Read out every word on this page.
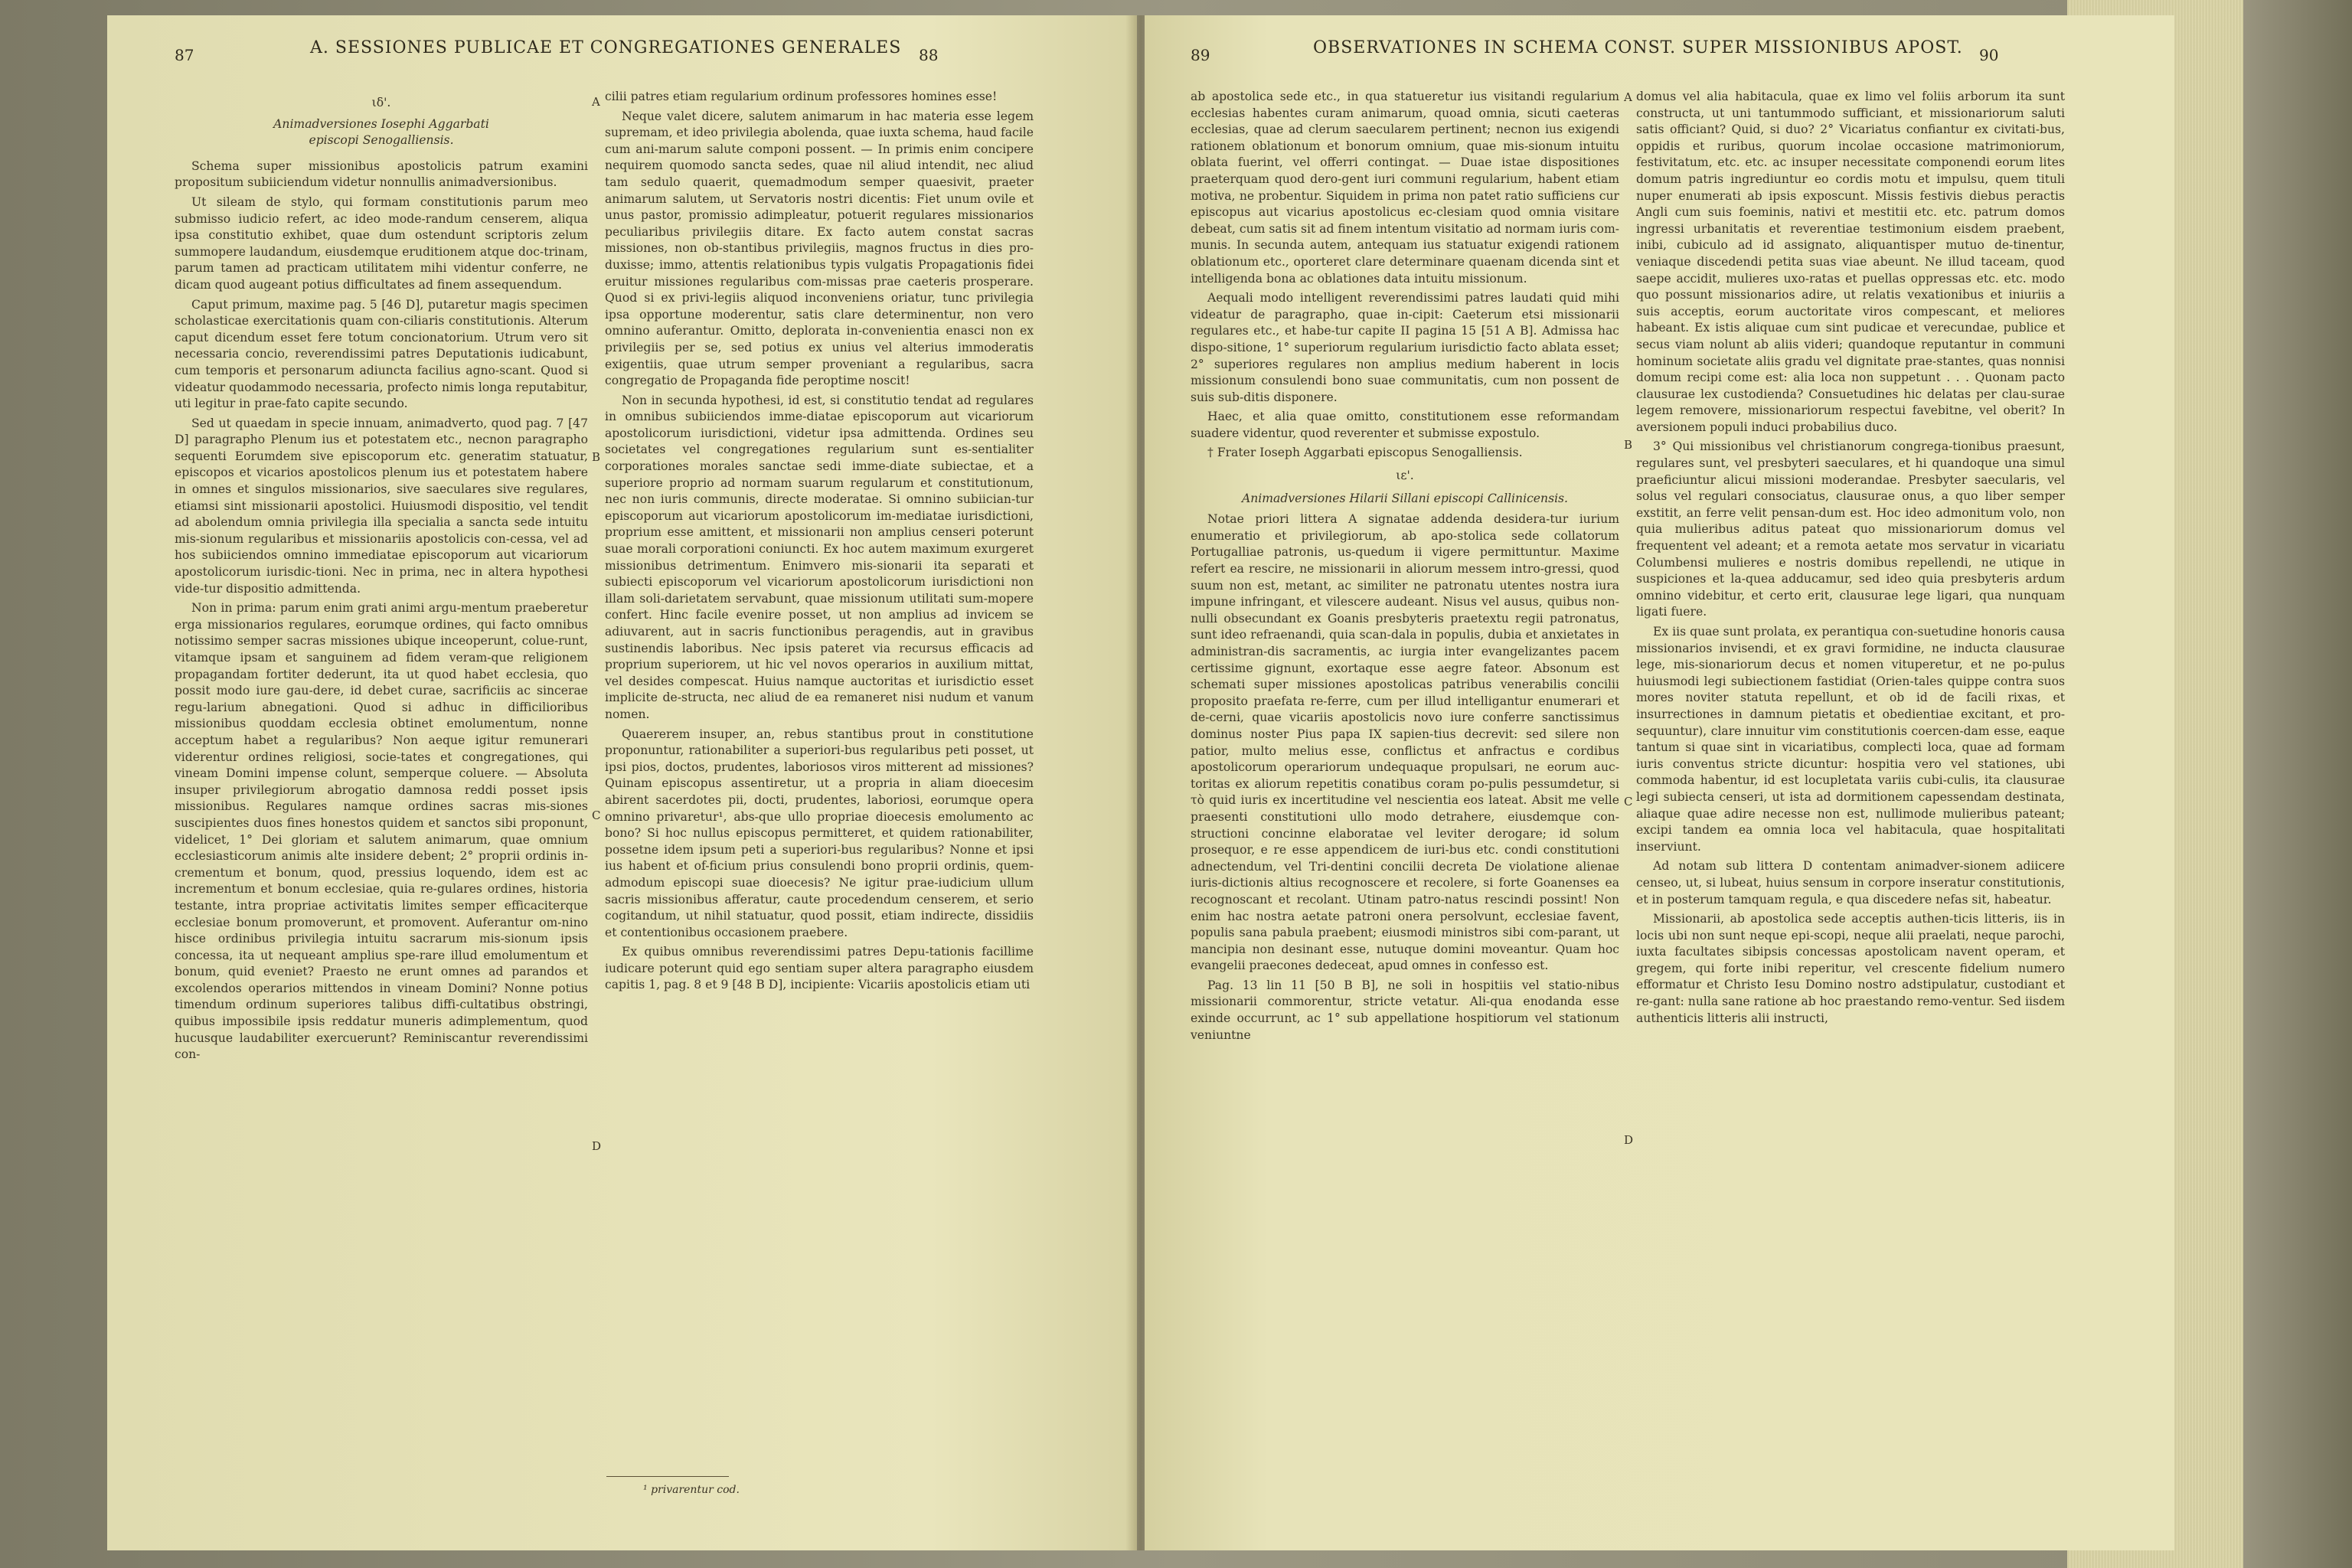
87	A. SESSIONES PUBLICAE ET CONGREGATIONES GENERALES 88

ιδ'.

Animadversiones Iosephi Aggarbati

episcopi Senogalliensis.

Schema super missionibus apostolicis patrum examini propositum subiiciendum videtur nonnullis animadversionibus.

Ut sileam de stylo, qui formam constitutionis parum meo submisso iudicio refert, ac ideo mode-randum censerem, aliqua ipsa constitutio exhibet, quae dum ostendunt scriptoris zelum summopere laudandum, eiusdemque eruditionem atque doc-trinam, parum tamen ad practicam utilitatem mihi videntur conferre, ne dicam quod augeant potius difficultates ad finem assequendum.

Caput primum, maxime pag. 5 [46 D], putaretur magis specimen scholasticae exercitationis quam con-ciliaris constitutionis. Alterum caput dicendum esset fere totum concionatorium. Utrum vero sit necessaria concio, reverendissimi patres Deputationis iudicabunt, cum temporis et personarum adiuncta facilius agno-scant. Quod si videatur quodammodo necessaria, profecto nimis longa reputabitur, uti legitur in prae-fato capite secundo.

Sed ut quaedam in specie innuam, animadverto, quod pag. 7 [47 D] paragrapho Plenum ius et potestatem etc., necnon paragrapho sequenti Eorumdem sive episcoporum etc. generatim statuatur, episcopos et vicarios apostolicos plenum ius et potestatem habere in omnes et singulos missionarios, sive saeculares sive regulares, etiamsi sint missionarii apostolici. Huiusmodi dispositio, vel tendit ad abolendum omnia privilegia illa specialia a sancta sede intuitu mis-sionum regularibus et missionariis apostolicis con-cessa, vel ad hos subiiciendos omnino immediatae episcoporum aut vicariorum apostolicorum iurisdic-tioni. Nec in prima, nec in altera hypothesi vide-tur dispositio admittenda.

Non in prima: parum enim grati animi argu-mentum praeberetur erga missionarios regulares, eorumque ordines, qui facto omnibus notissimo semper sacras missiones ubique inceoperunt, colue-runt, vitamque ipsam et sanguinem ad fidem veram-que religionem propagandam fortiter dederunt, ita ut quod habet ecclesia, quo possit modo iure gau-dere, id debet curae, sacrificiis ac sincerae regu-larium abnegationi. Quod si adhuc in difficilioribus missionibus quoddam ecclesia obtinet emolumentum, nonne acceptum habet a regularibus? Non aeque igitur remunerari viderentur ordines religiosi, socie-tates et congregationes, qui vineam Domini impense colunt, semperque coluere. — Absoluta insuper privilegiorum abrogatio damnosa reddi posset ipsis missionibus. Regulares namque ordines sacras mis-siones suscipientes duos fines honestos quidem et sanctos sibi proponunt, videlicet, 1° Dei gloriam et salutem animarum, quae omnium ecclesiasticorum animis alte insidere debent; 2° proprii ordinis in-crementum et bonum, quod, pressius loquendo, idem est ac incrementum et bonum ecclesiae, quia re-gulares ordines, historia testante, intra propriae activitatis limites semper efficaciterque ecclesiae bonum promoverunt, et promovent. Auferantur om-nino hisce ordinibus privilegia intuitu sacrarum mis-sionum ipsis concessa, ita ut nequeant amplius spe-rare illud emolumentum et bonum, quid eveniet? Praesto ne erunt omnes ad parandos et excolendos operarios mittendos in vineam Domini? Nonne potius timendum ordinum superiores talibus diffi-cultatibus obstringi, quibus impossibile ipsis reddatur muneris adimplementum, quod hucusque laudabiliter exercuerunt? Reminiscantur reverendissimi con-

cilii patres etiam regularium ordinum professores homines esse!

Neque valet dicere, salutem animarum in hac materia esse legem supremam, et ideo privilegia abolenda, quae iuxta schema, haud facile cum ani-marum salute componi possent. — In primis enim concipere nequirem quomodo sancta sedes, quae nil aliud intendit, nec aliud tam sedulo quaerit, quemadmodum semper quaesivit, praeter animarum salutem, ut Servatoris nostri dicentis: Fiet unum ovile et unus pastor, promissio adimpleatur, potuerit regulares missionarios peculiaribus privilegiis ditare. Ex facto autem constat sacras missiones, non ob-stantibus privilegiis, magnos fructus in dies pro-duxisse; immo, attentis relationibus typis vulgatis Propagationis fidei eruitur missiones regularibus com-missas prae caeteris prosperare. Quod si ex privi-legiis aliquod inconveniens oriatur, tunc privilegia ipsa opportune moderentur, satis clare determinentur, non vero omnino auferantur. Omitto, deplorata in-convenientia enasci non ex privilegiis per se, sed potius ex unius vel alterius immoderatis exigentiis, quae utrum semper proveniant a regularibus, sacra congregatio de Propaganda fide peroptime noscit!

Non in secunda hypothesi, id est, si constitutio tendat ad regulares in omnibus subiiciendos imme-diatae episcoporum aut vicariorum apostolicorum iurisdictioni, videtur ipsa admittenda. Ordines seu societates vel congregationes regularium sunt es-sentialiter corporationes morales sanctae sedi imme-diate subiectae, et a superiore proprio ad normam suarum regularum et constitutionum, nec non iuris communis, directe moderatae. Si omnino subiician-tur episcoporum aut vicariorum apostolicorum im-mediatae iurisdictioni, proprium esse amittent, et missionarii non amplius censeri poterunt suae morali corporationi coniuncti. Ex hoc autem maximum exurgeret missionibus detrimentum. Enimvero mis-sionarii ita separati et subiecti episcoporum vel vicariorum apostolicorum iurisdictioni non illam soli-darietatem servabunt, quae missionum utilitati sum-mopere confert. Hinc facile evenire posset, ut non amplius ad invicem se adiuvarent, aut in sacris functionibus peragendis, aut in gravibus sustinendis laboribus. Nec ipsis pateret via recursus efficacis ad proprium superiorem, ut hic vel novos operarios in auxilium mittat, vel desides compescat. Huius namque auctoritas et iurisdictio esset implicite de-structa, nec aliud de ea remaneret nisi nudum et vanum nomen.

Quaererem insuper, an, rebus stantibus prout in constitutione proponuntur, rationabiliter a superiori-bus regularibus peti posset, ut ipsi pios, doctos, prudentes, laboriosos viros mitterent ad missiones? Quinam episcopus assentiretur, ut a propria in aliam dioecesim abirent sacerdotes pii, docti, prudentes, laboriosi, eorumque opera omnino privaretur¹, abs-que ullo propriae dioecesis emolumento ac bono? Si hoc nullus episcopus permitteret, et quidem rationabiliter, possetne idem ipsum peti a superiori-bus regularibus? Nonne et ipsi ius habent et of-ficium prius consulendi bono proprii ordinis, quem-admodum episcopi suae dioecesis? Ne igitur prae-iudicium ullum sacris missionibus afferatur, caute procedendum censerem, et serio cogitandum, ut nihil statuatur, quod possit, etiam indirecte, dissidiis et contentionibus occasionem praebere.

Ex quibus omnibus reverendissimi patres Depu-tationis facillime iudicare poterunt quid ego sentiam super altera paragrapho eiusdem capitis 1, pag. 8 et 9 [48 B D], incipiente: Vicariis apostolicis etiam uti

A
B
C
D
¹ privarentur cod.
89	OBSERVATIONES IN SCHEMA CONST. SUPER MISSIONIBUS APOST. 90

ab apostolica sede etc., in qua statueretur ius visitandi regularium ecclesias habentes curam animarum, quoad omnia, sicuti caeteras ecclesias, quae ad clerum saecularem pertinent; necnon ius exigendi rationem oblationum et bonorum omnium, quae mis-sionum intuitu oblata fuerint, vel offerri contingat. — Duae istae dispositiones praeterquam quod dero-gent iuri communi regularium, habent etiam motiva, ne probentur. Siquidem in prima non patet ratio sufficiens cur episcopus aut vicarius apostolicus ec-clesiam quod omnia visitare debeat, cum satis sit ad finem intentum visitatio ad normam iuris com-munis. In secunda autem, antequam ius statuatur exigendi rationem oblationum etc., oporteret clare determinare quaenam dicenda sint et intelligenda bona ac oblationes data intuitu missionum.

Aequali modo intelligent reverendissimi patres laudati quid mihi videatur de paragrapho, quae in-cipit: Caeterum etsi missionarii regulares etc., et habe-tur capite II pagina 15 [51 A B]. Admissa hac dispo-sitione, 1° superiorum regularium iurisdictio facto ablata esset; 2° superiores regulares non amplius medium haberent in locis missionum consulendi bono suae communitatis, cum non possent de suis sub-ditis disponere.

Haec, et alia quae omitto, constitutionem esse reformandam suadere videntur, quod reverenter et submisse expostulo.

† Frater Ioseph Aggarbati episcopus Senogalliensis.

ιε'.

Animadversiones Hilarii Sillani episcopi Callinicensis.

Notae priori littera A signatae addenda desidera-tur iurium enumeratio et privilegiorum, ab apo-stolica sede collatorum Portugalliae patronis, us-quedum ii vigere permittuntur. Maxime refert ea rescire, ne missionarii in aliorum messem intro-gressi, quod suum non est, metant, ac similiter ne patronatu utentes nostra iura impune infringant, et vilescere audeant. Nisus vel ausus, quibus non-nulli obsecundant ex Goanis presbyteris praetextu regii patronatus, sunt ideo refraenandi, quia scan-dala in populis, dubia et anxietates in administran-dis sacramentis, ac iurgia inter evangelizantes pacem certissime gignunt, exortaque esse aegre fateor. Absonum est schemati super missiones apostolicas patribus venerabilis concilii proposito praefata re-ferre, cum per illud intelligantur enumerari et de-cerni, quae vicariis apostolicis novo iure conferre sanctissimus dominus noster Pius papa IX sapien-tius decrevit: sed silere non patior, multo melius esse, conflictus et anfractus e cordibus apostolicorum operariorum undequaque propulsari, ne eorum auc-toritas ex aliorum repetitis conatibus coram po-pulis pessumdetur, si τὸ quid iuris ex incertitudine vel nescientia eos lateat. Absit me velle praesenti constitutioni ullo modo detrahere, eiusdemque con-structioni concinne elaboratae vel leviter derogare; id solum prosequor, e re esse appendicem de iuri-bus etc. condi constitutioni adnectendum, vel Tri-dentini concilii decreta De violatione alienae iuris-dictionis altius recognoscere et recolere, si forte Goanenses ea recognoscant et recolant. Utinam patro-natus rescindi possint! Non enim hac nostra aetate patroni onera persolvunt, ecclesiae favent, populis sana pabula praebent; eiusmodi ministros sibi com-parant, ut mancipia non desinant esse, nutuque domini moveantur. Quam hoc evangelii praecones dedeceat, apud omnes in confesso est.

Pag. 13 lin 11 [50 B B], ne soli in hospitiis vel statio-nibus missionarii commorentur, stricte vetatur. Ali-qua enodanda esse exinde occurrunt, ac 1° sub appellatione hospitiorum vel stationum veniuntne

domus vel alia habitacula, quae ex limo vel foliis arborum ita sunt constructa, ut uni tantummodo sufficiant, et missionariorum saluti satis officiant? Quid, si duo? 2° Vicariatus confiantur ex civitati-bus, oppidis et ruribus, quorum incolae occasione matrimoniorum, festivitatum, etc. etc. ac insuper necessitate componendi eorum lites domum patris ingrediuntur eo cordis motu et impulsu, quem tituli nuper enumerati ab ipsis exposcunt. Missis festivis diebus peractis Angli cum suis foeminis, nativi et mestitii etc. etc. patrum domos ingressi urbanitatis et reverentiae testimonium eisdem praebent, inibi, cubiculo ad id assignato, aliquantisper mutuo de-tinentur, veniaque discedendi petita suas viae abeunt. Ne illud taceam, quod saepe accidit, mulieres uxo-ratas et puellas oppressas etc. etc. modo quo possunt missionarios adire, ut relatis vexationibus et iniuriis a suis acceptis, eorum auctoritate viros compescant, et meliores habeant. Ex istis aliquae cum sint pudicae et verecundae, publice et secus viam nolunt ab aliis videri; quandoque reputantur in communi hominum societate aliis gradu vel dignitate prae-stantes, quas nonnisi domum recipi come est: alia loca non suppetunt . . . Quonam pacto clausurae lex custodienda? Consuetudines hic delatas per clau-surae legem removere, missionariorum respectui favebitne, vel oberit? In aversionem populi induci probabilius duco.

3° Qui missionibus vel christianorum congrega-tionibus praesunt, regulares sunt, vel presbyteri saeculares, et hi quandoque una simul praeficiuntur alicui missioni moderandae. Presbyter saecularis, vel solus vel regulari consociatus, clausurae onus, a quo liber semper exstitit, an ferre velit pensan-dum est. Hoc ideo admonitum volo, non quia mulieribus aditus pateat quo missionariorum domus vel frequentent vel adeant; et a remota aetate mos servatur in vicariatu Columbensi mulieres e nostris domibus repellendi, ne utique in suspiciones et la-quea adducamur, sed ideo quia presbyteris ardum omnino videbitur, et certo erit, clausurae lege ligari, qua nunquam ligati fuere.

Ex iis quae sunt prolata, ex perantiqua con-suetudine honoris causa missionarios invisendi, et ex gravi formidine, ne inducta clausurae lege, mis-sionariorum decus et nomen vituperetur, et ne po-pulus huiusmodi legi subiectionem fastidiat (Orien-tales quippe contra suos mores noviter statuta repellunt, et ob id de facili rixas, et insurrectiones in damnum pietatis et obedientiae excitant, et pro-sequuntur), clare innuitur vim constitutionis coercen-dam esse, eaque tantum si quae sint in vicariatibus, complecti loca, quae ad formam iuris conventus stricte dicuntur: hospitia vero vel stationes, ubi commoda habentur, id est locupletata variis cubi-culis, ita clausurae legi subiecta censeri, ut ista ad dormitionem capessendam destinata, aliaque quae adire necesse non est, nullimode mulieribus pateant; excipi tandem ea omnia loca vel habitacula, quae hospitalitati inserviunt.

Ad notam sub littera D contentam animadver-sionem adiicere censeo, ut, si lubeat, huius sensum in corpore inseratur constitutionis, et in posterum tamquam regula, e qua discedere nefas sit, habeatur.

Missionarii, ab apostolica sede acceptis authen-ticis litteris, iis in locis ubi non sunt neque epi-scopi, neque alii praelati, neque parochi, iuxta facultates sibipsis concessas apostolicam navent operam, et gregem, qui forte inibi reperitur, vel crescente fidelium numero efformatur et Christo Iesu Domino nostro adstipulatur, custodiant et re-gant: nulla sane ratione ab hoc praestando remo-ventur. Sed iisdem authenticis litteris alii instructi,

A
B
C
D
